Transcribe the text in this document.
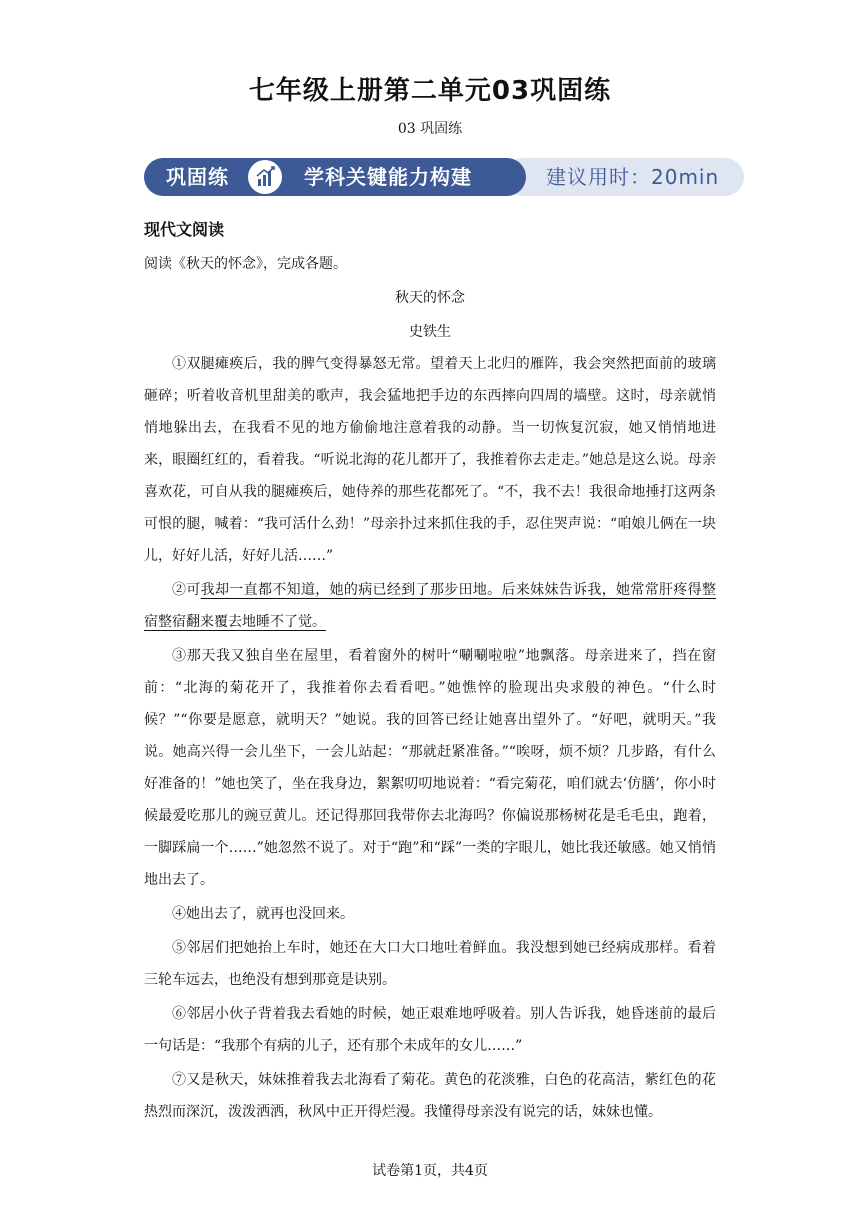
七年级上册第二单元03巩固练
03 巩固练
巩固练	学科关键能力构建	建议用时：20min
现代文阅读
阅读《秋天的怀念》，完成各题。
秋天的怀念
史铁生

①双腿瘫痪后，我的脾气变得暴怒无常。望着天上北归的雁阵，我会突然把面前的玻璃砸碎；听着收音机里甜美的歌声，我会猛地把手边的东西摔向四周的墙壁。这时，母亲就悄悄地躲出去，在我看不见的地方偷偷地注意着我的动静。当一切恢复沉寂，她又悄悄地进来，眼圈红红的，看着我。“听说北海的花儿都开了，我推着你去走走。”她总是这么说。母亲喜欢花，可自从我的腿瘫痪后，她侍养的那些花都死了。“不，我不去！我很命地捶打这两条可恨的腿，喊着：“我可活什么劲！”母亲扑过来抓住我的手，忍住哭声说：“咱娘儿俩在一块儿，好好儿活，好好儿活……”

②可我却一直都不知道，她的病已经到了那步田地。后来妹妹告诉我，她常常肝疼得整宿整宿翻来覆去地睡不了觉。

③那天我又独自坐在屋里，看着窗外的树叶“唰唰啦啦”地飘落。母亲进来了，挡在窗前：“北海的菊花开了，我推着你去看看吧。”她憔悴的脸现出央求般的神色。“什么时候？”“你要是愿意，就明天？”她说。我的回答已经让她喜出望外了。“好吧，就明天。”我说。她高兴得一会儿坐下，一会儿站起：“那就赶紧准备。”“唉呀，烦不烦？几步路，有什么好准备的！”她也笑了，坐在我身边，絮絮叨叨地说着：“看完菊花，咱们就去‘仿膳’，你小时候最爱吃那儿的豌豆黄儿。还记得那回我带你去北海吗？你偏说那杨树花是毛毛虫，跑着，一脚踩扁一个……”她忽然不说了。对于“跑”和“踩”一类的字眼儿，她比我还敏感。她又悄悄地出去了。

④她出去了，就再也没回来。

⑤邻居们把她抬上车时，她还在大口大口地吐着鲜血。我没想到她已经病成那样。看着三轮车远去，也绝没有想到那竟是诀别。

⑥邻居小伙子背着我去看她的时候，她正艰难地呼吸着。别人告诉我，她昏迷前的最后一句话是：“我那个有病的儿子，还有那个未成年的女儿……”

⑦又是秋天，妹妹推着我去北海看了菊花。黄色的花淡雅，白色的花高洁，紫红色的花热烈而深沉，泼泼洒洒，秋风中正开得烂漫。我懂得母亲没有说完的话，妹妹也懂。

试卷第1页，共4页
